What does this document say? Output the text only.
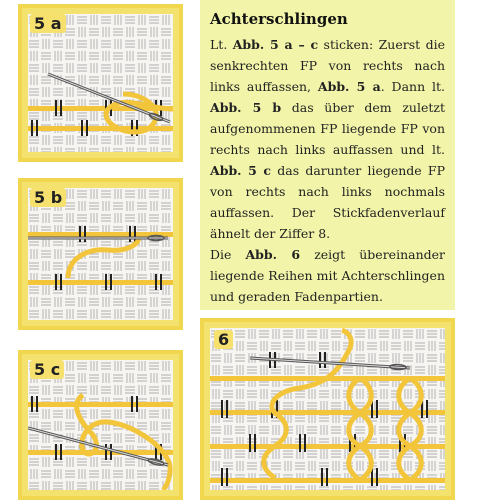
5 a
5 b
5 c
Achterschlingen
Lt. Abb. 5 a – c sticken: Zuerst die senkrechten FP von rechts nach links auffassen, Abb. 5 a. Dann lt. Abb. 5 b das über dem zuletzt aufgenommenen FP liegende FP von rechts nach links auffassen und lt. Abb. 5 c das darunter liegende FP von rechts nach links nochmals auffassen. Der Stickfadenverlauf ähnelt der Ziffer 8.
Die Abb. 6 zeigt übereinander liegende Reihen mit Achterschlingen und geraden Fadenpartien.
6
